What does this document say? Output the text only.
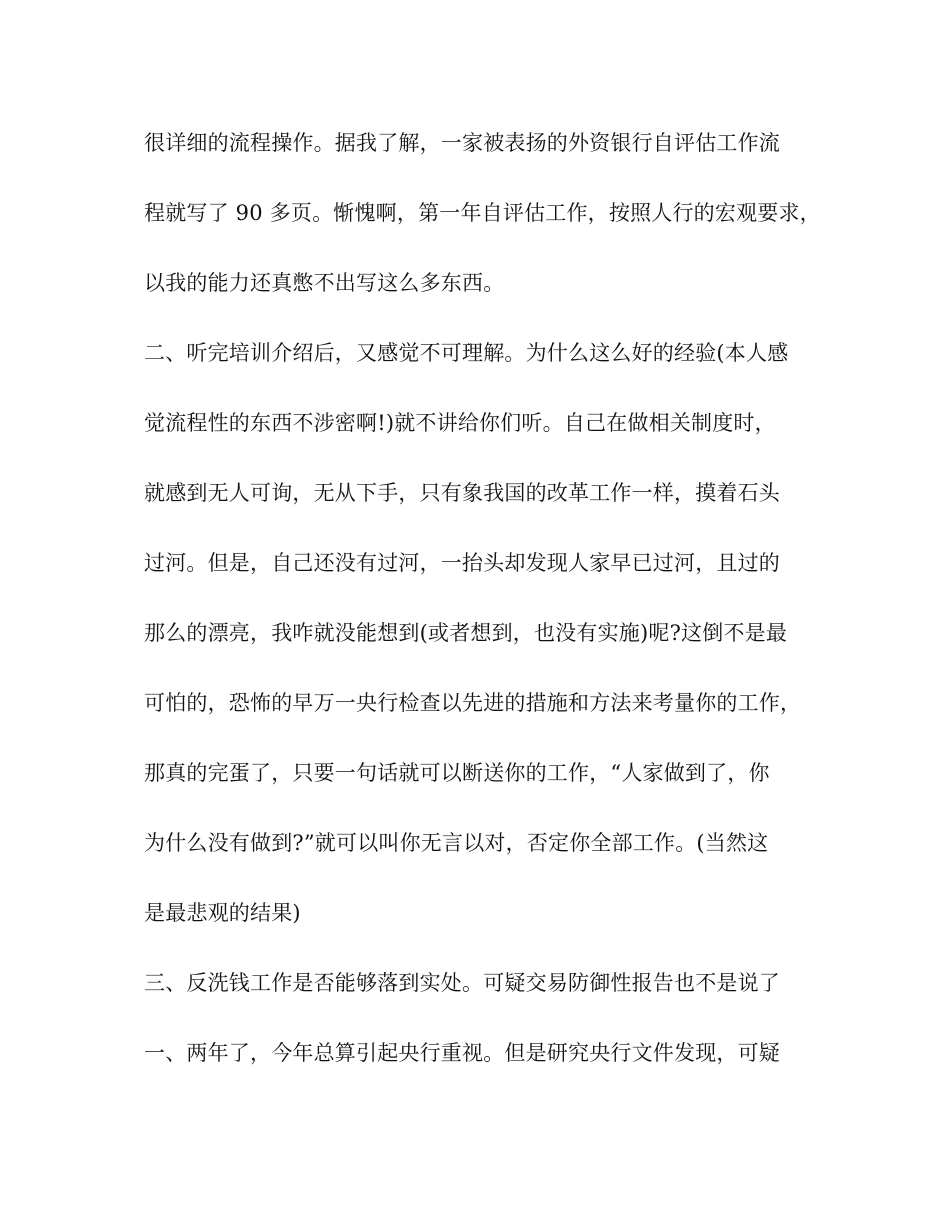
很详细的流程操作。据我了解，一家被表扬的外资银行自评估工作流
程就写了 90 多页。惭愧啊，第一年自评估工作，按照人行的宏观要求，
以我的能力还真憋不出写这么多东西。
二、听完培训介绍后，又感觉不可理解。为什么这么好的经验(本人感
觉流程性的东西不涉密啊!)就不讲给你们听。自己在做相关制度时，
就感到无人可询，无从下手，只有象我国的改革工作一样，摸着石头
过河。但是，自己还没有过河，一抬头却发现人家早已过河，且过的
那么的漂亮，我咋就没能想到(或者想到，也没有实施)呢?这倒不是最
可怕的，恐怖的早万一央行检查以先进的措施和方法来考量你的工作，
那真的完蛋了，只要一句话就可以断送你的工作，“人家做到了，你
为什么没有做到?”就可以叫你无言以对，否定你全部工作。(当然这
是最悲观的结果)
三、反洗钱工作是否能够落到实处。可疑交易防御性报告也不是说了
一、两年了，今年总算引起央行重视。但是研究央行文件发现，可疑
